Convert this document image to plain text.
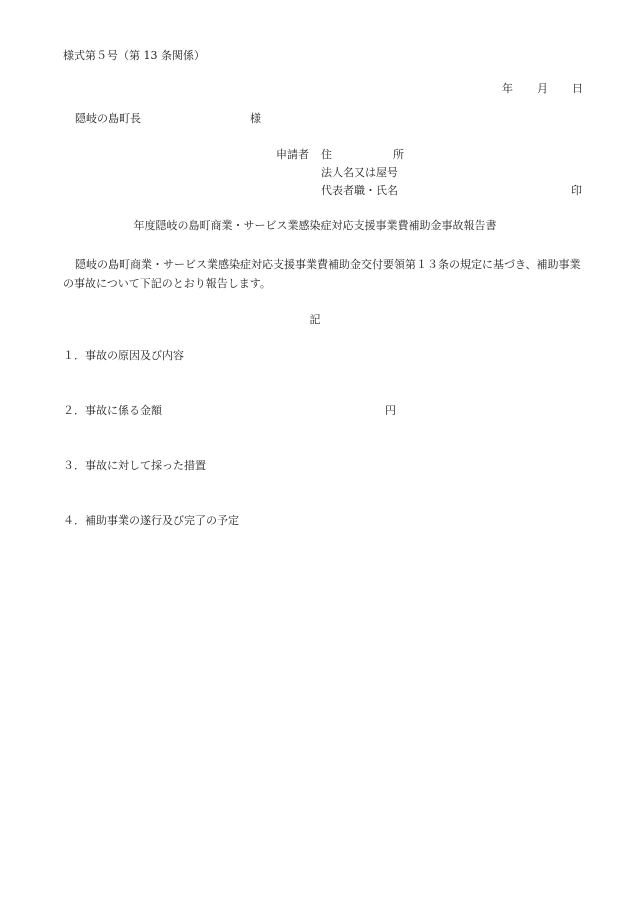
様式第５号（第 13 条関係）
年 月 日
隠岐の島町長	様
申請者 住	所
法人名又は屋号
代表者職・氏名	印
年度隠岐の島町商業・サービス業感染症対応支援事業費補助金事故報告書
隠岐の島町商業・サービス業感染症対応支援事業費補助金交付要領第１３条の規定に基づき、補助事業の事故について下記のとおり報告します。
記
１．事故の原因及び内容
２．事故に係る金額	円
３．事故に対して採った措置
４．補助事業の遂行及び完了の予定
